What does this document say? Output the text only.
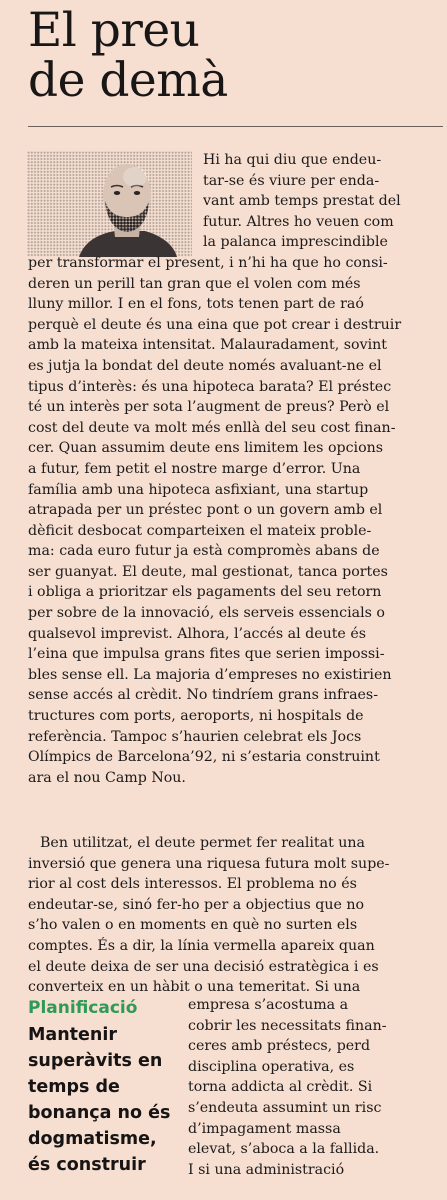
El preu
de demà
Hi ha qui diu que endeu-
tar-se és viure per enda-
vant amb temps prestat del
futur. Altres ho veuen com
la palanca imprescindible
per transformar el present, i n’hi ha que ho consi-
deren un perill tan gran que el volen com més
lluny millor. I en el fons, tots tenen part de raó
perquè el deute és una eina que pot crear i destruir
amb la mateixa intensitat. Malauradament, sovint
es jutja la bondat del deute només avaluant-ne el
tipus d’interès: és una hipoteca barata? El préstec
té un interès per sota l’augment de preus? Però el
cost del deute va molt més enllà del seu cost finan-
cer. Quan assumim deute ens limitem les opcions
a futur, fem petit el nostre marge d’error. Una
família amb una hipoteca asfixiant, una startup
atrapada per un préstec pont o un govern amb el
dèficit desbocat comparteixen el mateix proble-
ma: cada euro futur ja està compromès abans de
ser guanyat. El deute, mal gestionat, tanca portes
i obliga a prioritzar els pagaments del seu retorn
per sobre de la innovació, els serveis essencials o
qualsevol imprevist. Alhora, l’accés al deute és
l’eina que impulsa grans fites que serien impossi-
bles sense ell. La majoria d’empreses no existirien
sense accés al crèdit. No tindríem grans infraes-
tructures com ports, aeroports, ni hospitals de
referència. Tampoc s’haurien celebrat els Jocs
Olímpics de Barcelona’92, ni s’estaria construint
ara el nou Camp Nou.
Ben utilitzat, el deute permet fer realitat una
inversió que genera una riquesa futura molt supe-
rior al cost dels interessos. El problema no és
endeutar-se, sinó fer-ho per a objectius que no
s’ho valen o en moments en què no surten els
comptes. És a dir, la línia vermella apareix quan
el deute deixa de ser una decisió estratègica i es
converteix en un hàbit o una temeritat. Si una
Planificació
Mantenir
superàvits en
temps de
bonança no és
dogmatisme,
és construir
empresa s’acostuma a
cobrir les necessitats finan-
ceres amb préstecs, perd
disciplina operativa, es
torna addicta al crèdit. Si
s’endeuta assumint un risc
d’impagament massa
elevat, s’aboca a la fallida.
I si una administració
